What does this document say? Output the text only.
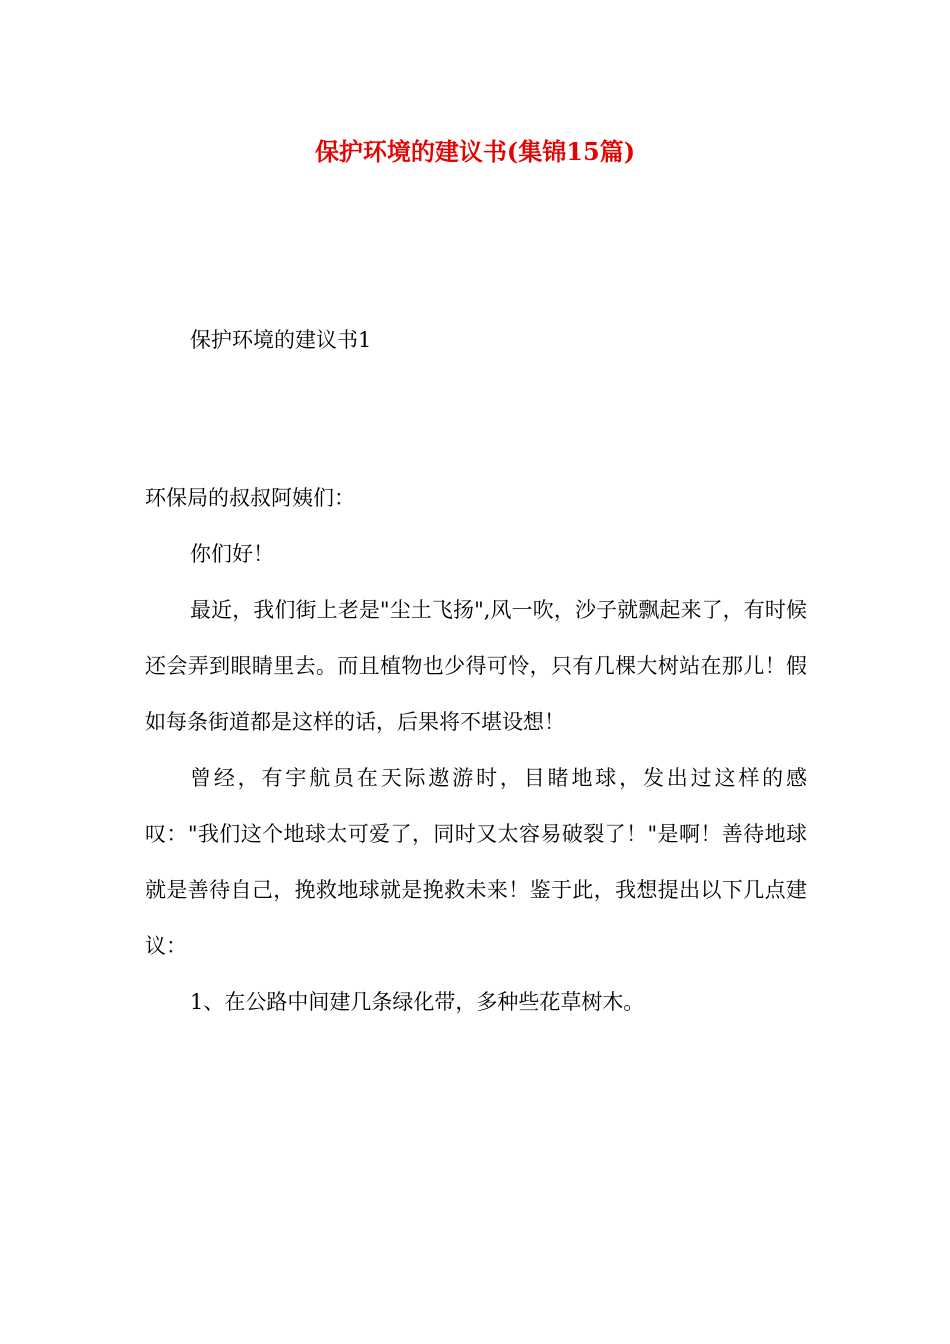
保护环境的建议书(集锦15篇)

保护环境的建议书1

环保局的叔叔阿姨们：

你们好！

最近，我们街上老是"尘土飞扬",风一吹，沙子就飘起来了，有时候还会弄到眼睛里去。而且植物也少得可怜，只有几棵大树站在那儿！假如每条街道都是这样的话，后果将不堪设想！

曾经，有宇航员在天际遨游时，目睹地球，发出过这样的感叹："我们这个地球太可爱了，同时又太容易破裂了！"是啊！善待地球就是善待自己，挽救地球就是挽救未来！鉴于此，我想提出以下几点建议：

1、在公路中间建几条绿化带，多种些花草树木。
